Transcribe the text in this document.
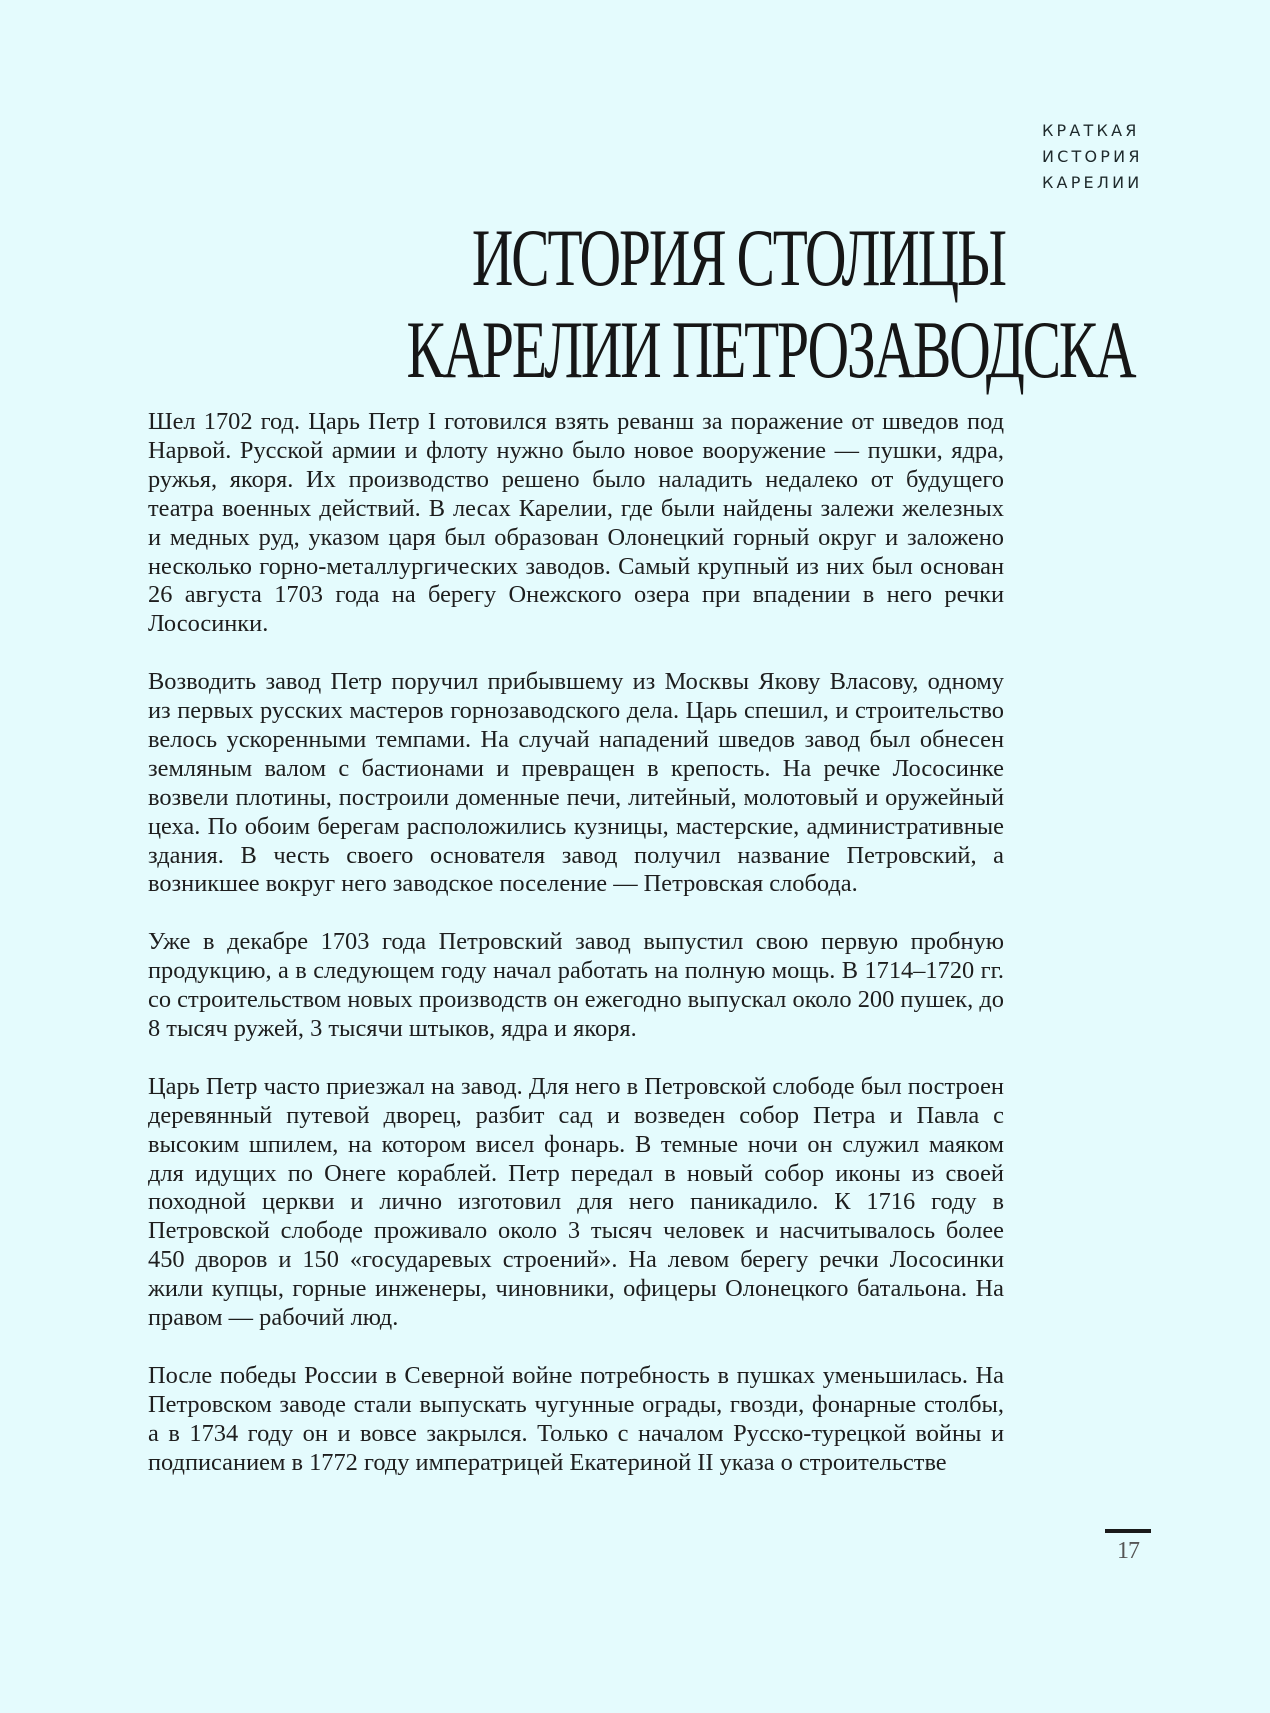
КРАТКАЯ
ИСТОРИЯ
КАРЕЛИИ
ИСТОРИЯ СТОЛИЦЫ
КАРЕЛИИ ПЕТРОЗАВОДСКА

Шел 1702 год. Царь Петр I готовился взять реванш за поражение от шведов под Нарвой. Русской армии и флоту нужно было новое вооружение — пушки, ядра, ружья, якоря. Их производство решено было наладить недалеко от будущего театра военных действий. В лесах Карелии, где были найдены залежи железных и медных руд, указом царя был образован Олонецкий горный округ и заложено несколько горно-металлургических заводов. Самый крупный из них был основан 26 августа 1703 года на берегу Онежского озера при впадении в него речки Лососинки.

Возводить завод Петр поручил прибывшему из Москвы Якову Власову, одному из первых русских мастеров горнозаводского дела. Царь спешил, и строительство велось ускоренными темпами. На случай нападений шведов завод был обнесен земляным валом с бастионами и превращен в крепость. На речке Лососинке возвели плотины, построили доменные печи, литейный, молотовый и оружейный цеха. По обоим берегам расположились кузницы, мастерские, административные здания. В честь своего основателя завод получил название Петровский, а возникшее вокруг него заводское поселение — Петровская слобода.

Уже в декабре 1703 года Петровский завод выпустил свою первую пробную продукцию, а в следующем году начал работать на полную мощь. В 1714–1720 гг. со строительством новых производств он ежегодно выпускал около 200 пушек, до 8 тысяч ружей, 3 тысячи штыков, ядра и якоря.

Царь Петр часто приезжал на завод. Для него в Петровской слободе был построен деревянный путевой дворец, разбит сад и возведен собор Петра и Павла с высоким шпилем, на котором висел фонарь. В темные ночи он служил маяком для идущих по Онеге кораблей. Петр передал в новый собор иконы из своей походной церкви и лично изготовил для него паникадило. К 1716 году в Петровской слободе проживало около 3 тысяч человек и насчитывалось более 450 дворов и 150 «государевых строений». На левом берегу речки Лососинки жили купцы, горные инженеры, чиновники, офицеры Олонецкого батальона. На правом — рабочий люд.

После победы России в Северной войне потребность в пушках уменьшилась. На Петровском заводе стали выпускать чугунные ограды, гвозди, фонарные столбы, а в 1734 году он и вовсе закрылся. Только с началом Русско-турецкой войны и подписанием в 1772 году императрицей Екатериной II указа о строительстве

17
